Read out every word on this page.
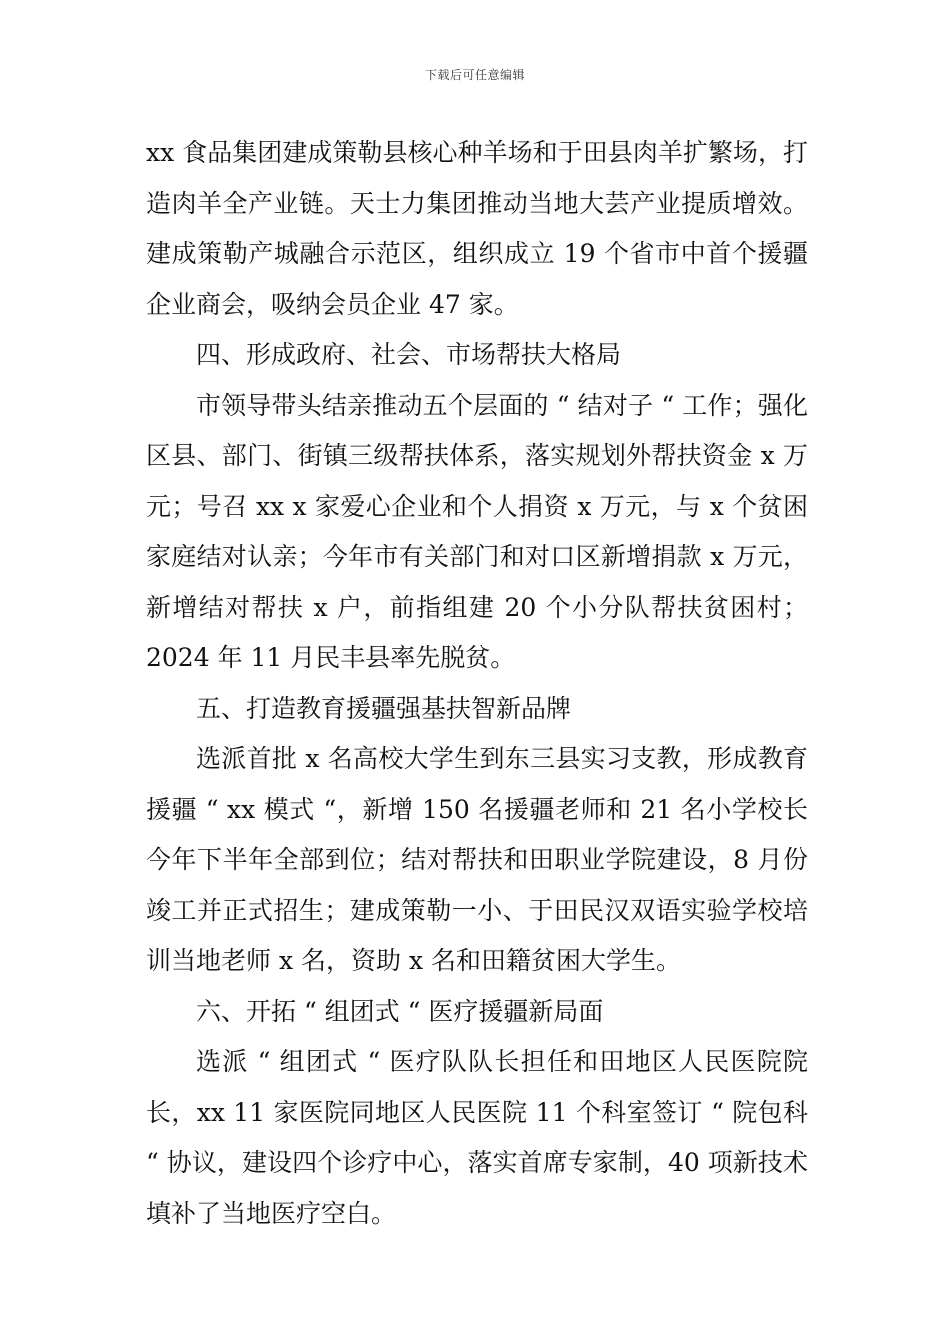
下载后可任意编辑

xx 食品集团建成策勒县核心种羊场和于田县肉羊扩繁场，打造肉羊全产业链。天士力集团推动当地大芸产业提质增效。建成策勒产城融合示范区，组织成立 19 个省市中首个援疆企业商会，吸纳会员企业 47 家。

四、形成政府、社会、市场帮扶大格局

市领导带头结亲推动五个层面的 “ 结对子 “ 工作；强化区县、部门、街镇三级帮扶体系，落实规划外帮扶资金 x 万元；号召 xx x 家爱心企业和个人捐资 x 万元，与 x 个贫困家庭结对认亲；今年市有关部门和对口区新增捐款 x 万元，新增结对帮扶 x 户，前指组建 20 个小分队帮扶贫困村；2024 年 11 月民丰县率先脱贫。

五、打造教育援疆强基扶智新品牌

选派首批 x 名高校大学生到东三县实习支教，形成教育援疆 “ xx 模式 “，新增 150 名援疆老师和 21 名小学校长今年下半年全部到位；结对帮扶和田职业学院建设，8 月份竣工并正式招生；建成策勒一小、于田民汉双语实验学校培训当地老师 x 名，资助 x 名和田籍贫困大学生。

六、开拓 “ 组团式 “ 医疗援疆新局面

选派 “ 组团式 “ 医疗队队长担任和田地区人民医院院长，xx 11 家医院同地区人民医院 11 个科室签订 “ 院包科 “ 协议，建设四个诊疗中心，落实首席专家制，40 项新技术填补了当地医疗空白。
